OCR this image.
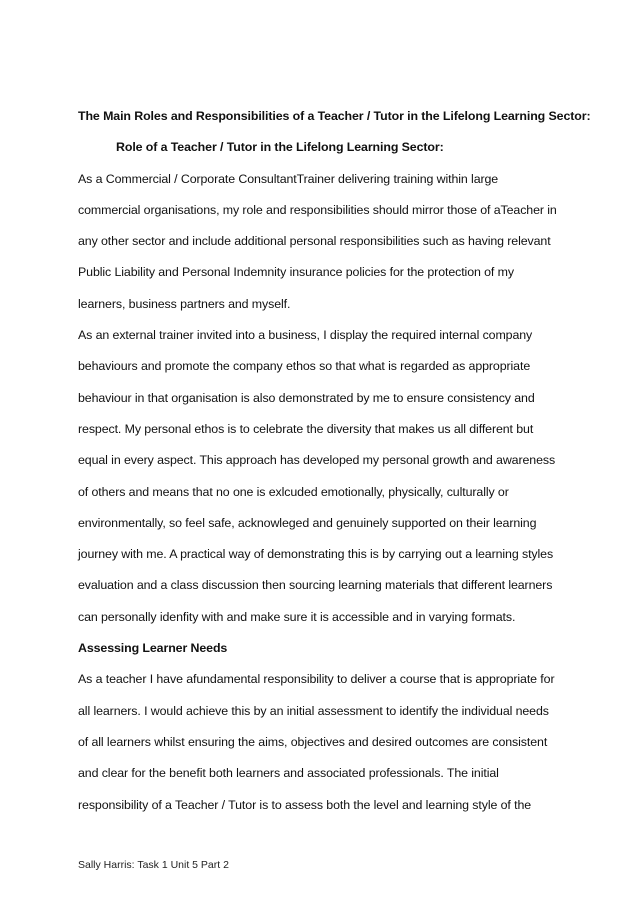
The Main Roles and Responsibilities of a Teacher / Tutor in the Lifelong Learning Sector:
Role of a Teacher / Tutor in the Lifelong Learning Sector:
As a Commercial / Corporate ConsultantTrainer delivering training within large
commercial organisations, my role and responsibilities should mirror those of aTeacher in
any other sector and include additional personal responsibilities such as having relevant
Public Liability and Personal Indemnity insurance policies for the protection of my
learners, business partners and myself.
As an external trainer invited into a business, I display the required internal company
behaviours and promote the company ethos so that what is regarded as appropriate
behaviour in that organisation is also demonstrated by me to ensure consistency and
respect. My personal ethos is to celebrate the diversity that makes us all different but
equal in every aspect. This approach has developed my personal growth and awareness
of others and means that no one is exlcuded emotionally, physically, culturally or
environmentally, so feel safe, acknowleged and genuinely supported on their learning
journey with me. A practical way of demonstrating this is by carrying out a learning styles
evaluation and a class discussion then sourcing learning materials that different learners
can personally idenfity with and make sure it is accessible and in varying formats.
Assessing Learner Needs
As a teacher I have afundamental responsibility to deliver a course that is appropriate for
all learners. I would achieve this by an initial assessment to identify the individual needs
of all learners whilst ensuring the aims, objectives and desired outcomes are consistent
and clear for the benefit both learners and associated professionals. The initial
responsibility of a Teacher / Tutor is to assess both the level and learning style of the
Sally Harris: Task 1 Unit 5 Part 2
